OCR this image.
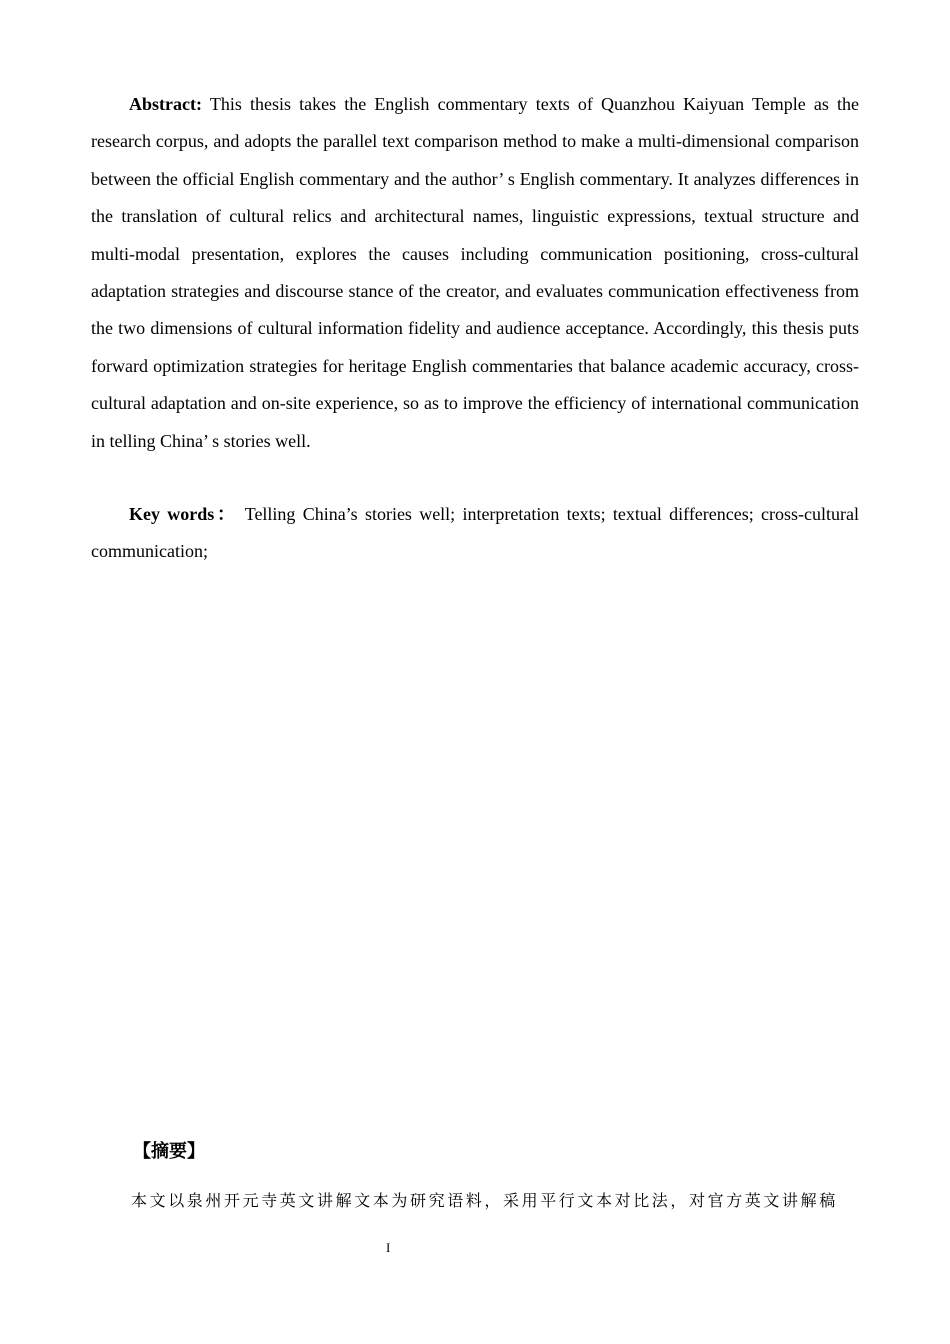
Abstract: This thesis takes the English commentary texts of Quanzhou Kaiyuan Temple as the research corpus, and adopts the parallel text comparison method to make a multi-dimensional comparison between the official English commentary and the author’ s English commentary. It analyzes differences in the translation of cultural relics and architectural names, linguistic expressions, textual structure and multi-modal presentation, explores the causes including communication positioning, cross-cultural adaptation strategies and discourse stance of the creator, and evaluates communication effectiveness from the two dimensions of cultural information fidelity and audience acceptance. Accordingly, this thesis puts forward optimization strategies for heritage English commentaries that balance academic accuracy, cross-cultural adaptation and on-site experience, so as to improve the efficiency of international communication in telling China’ s stories well.

Key words： Telling China’s stories well; interpretation texts; textual differences; cross-cultural communication;

【摘要】

本文以泉州开元寺英文讲解文本为研究语料，采用平行文本对比法，对官方英文讲解稿

I
